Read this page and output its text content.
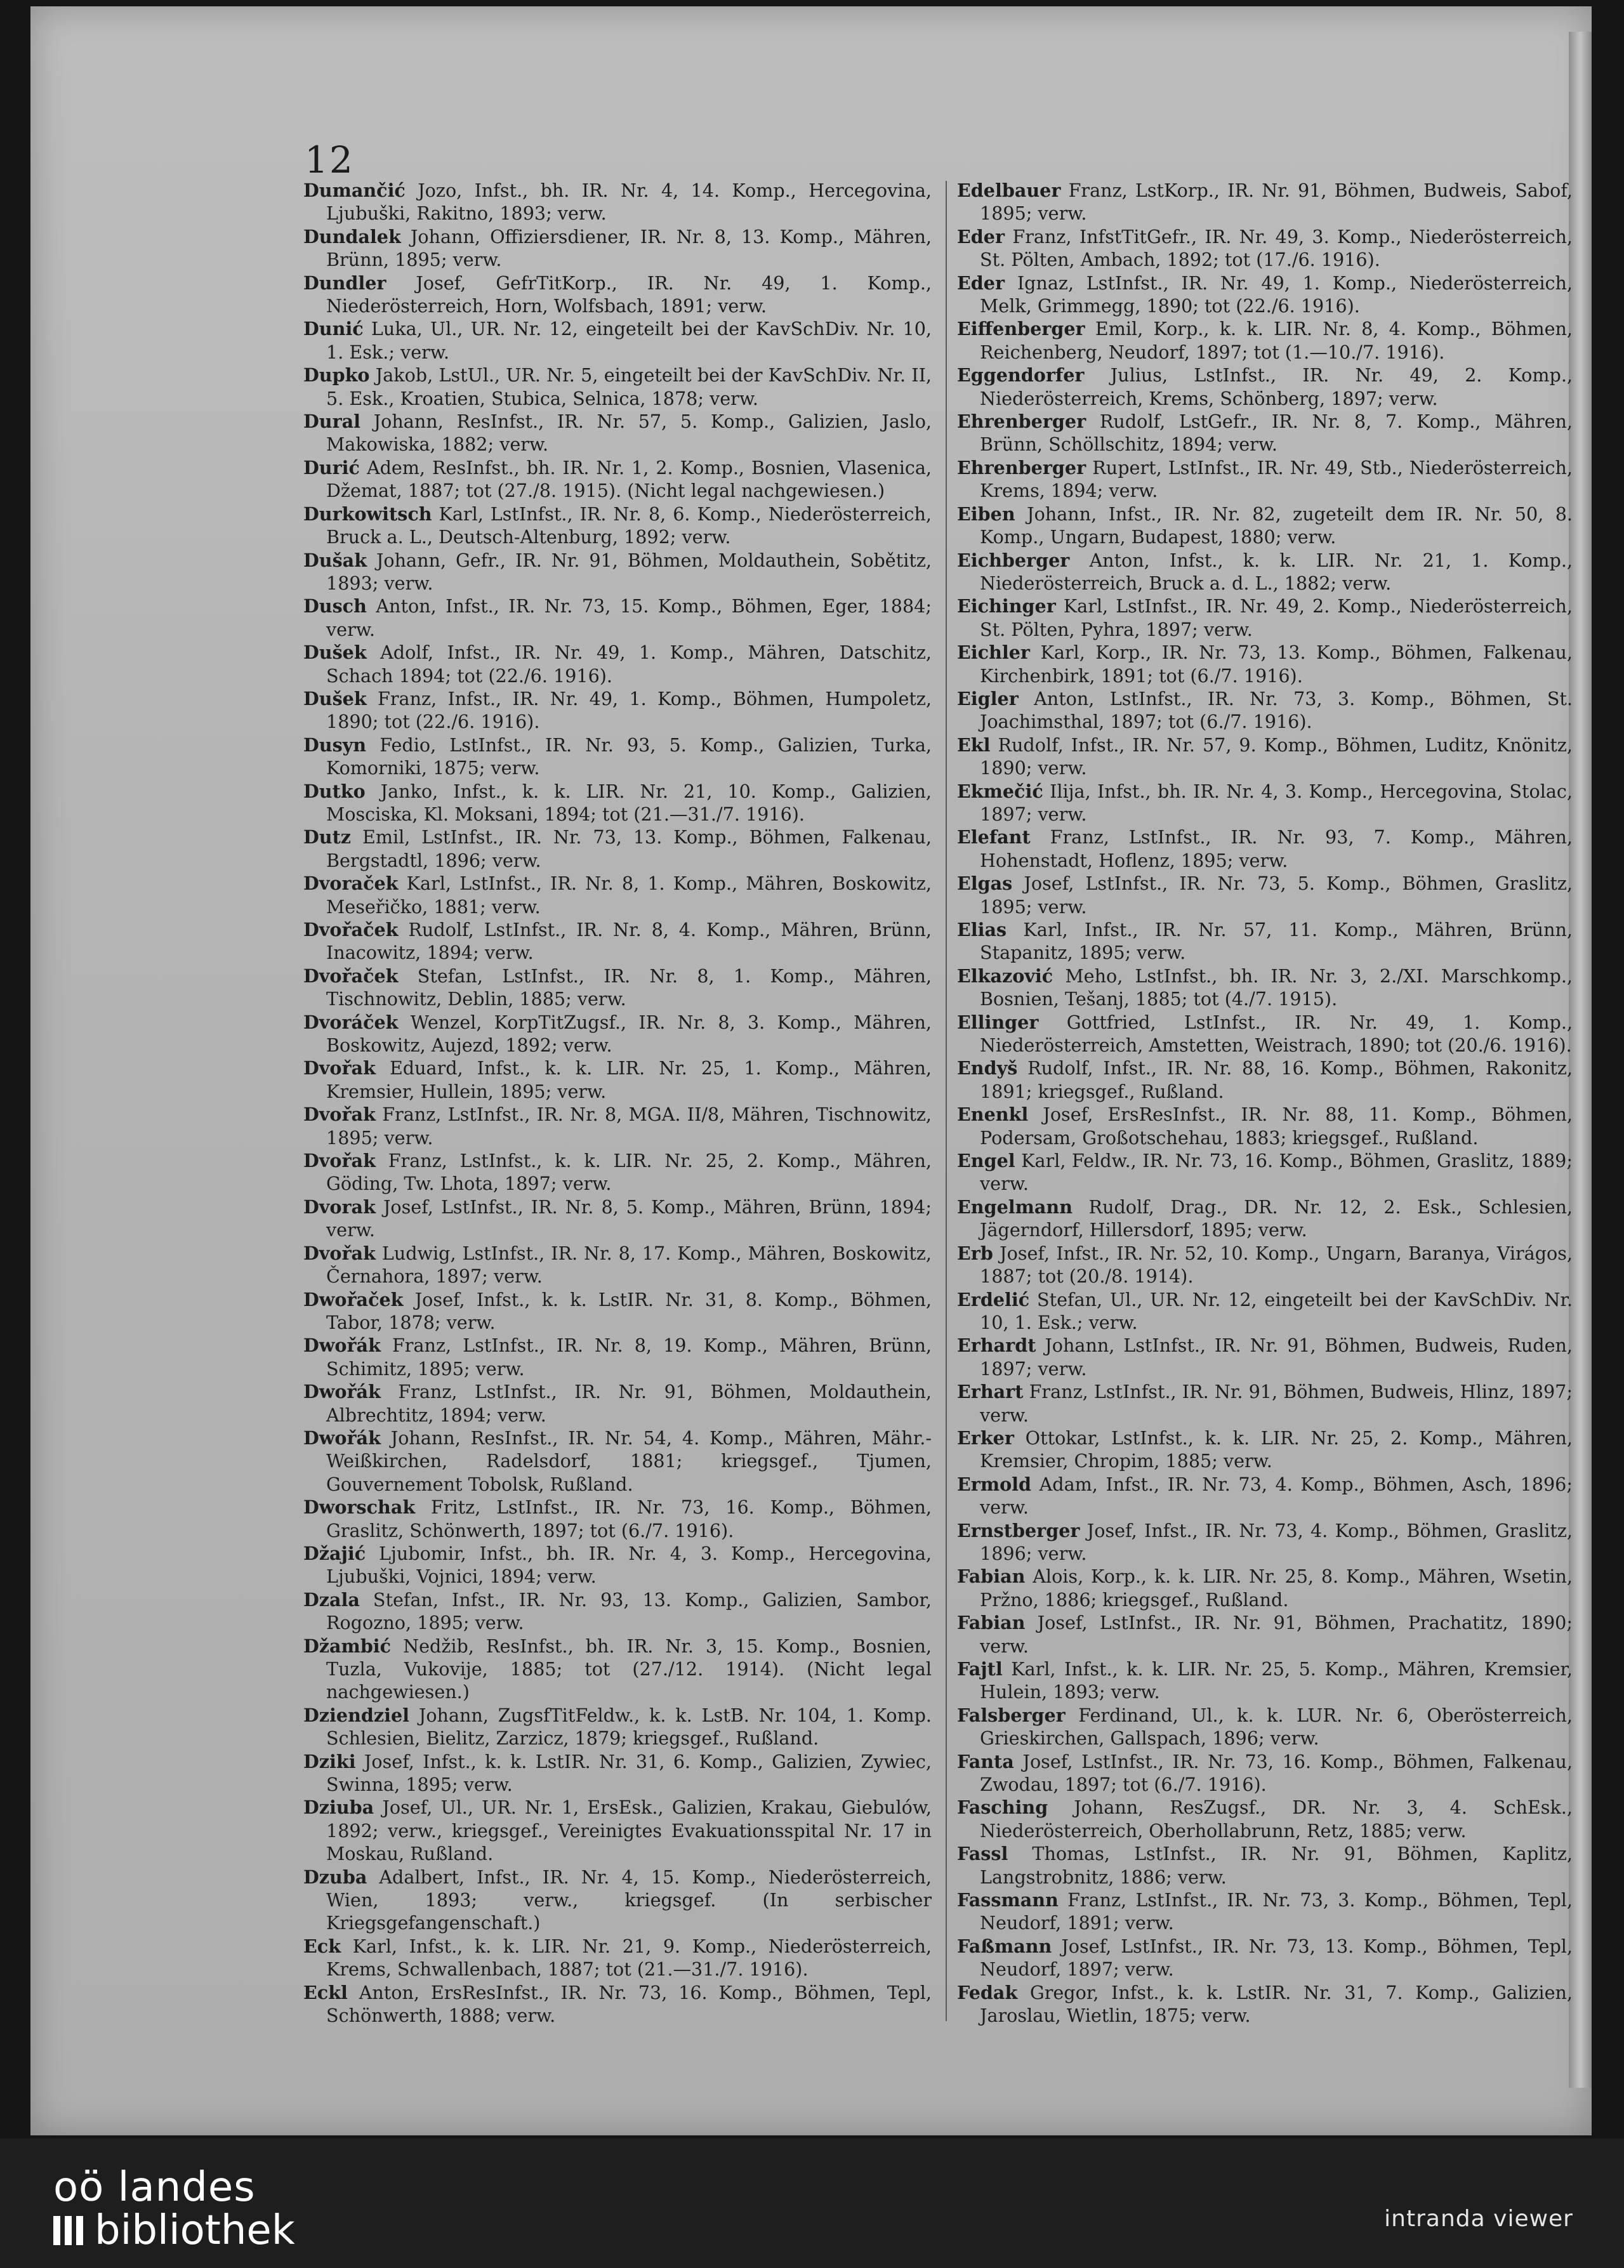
12

Dumančić Jozo, Infst., bh. IR. Nr. 4, 14. Komp., Hercegovina, Ljubuški, Rakitno, 1893; verw.

Dundalek Johann, Offiziersdiener, IR. Nr. 8, 13. Komp., Mähren, Brünn, 1895; verw.

Dundler Josef, GefrTitKorp., IR. Nr. 49, 1. Komp., Niederösterreich, Horn, Wolfsbach, 1891; verw.

Dunić Luka, Ul., UR. Nr. 12, eingeteilt bei der KavSchDiv. Nr. 10, 1. Esk.; verw.

Dupko Jakob, LstUl., UR. Nr. 5, eingeteilt bei der KavSchDiv. Nr. II, 5. Esk., Kroatien, Stubica, Selnica, 1878; verw.

Dural Johann, ResInfst., IR. Nr. 57, 5. Komp., Galizien, Jaslo, Makowiska, 1882; verw.

Durić Adem, ResInfst., bh. IR. Nr. 1, 2. Komp., Bosnien, Vlasenica, Džemat, 1887; tot (27./8. 1915). (Nicht legal nachgewiesen.)

Durkowitsch Karl, LstInfst., IR. Nr. 8, 6. Komp., Niederösterreich, Bruck a. L., Deutsch-Altenburg, 1892; verw.

Dušak Johann, Gefr., IR. Nr. 91, Böhmen, Moldauthein, Sobětitz, 1893; verw.

Dusch Anton, Infst., IR. Nr. 73, 15. Komp., Böhmen, Eger, 1884; verw.

Dušek Adolf, Infst., IR. Nr. 49, 1. Komp., Mähren, Datschitz, Schach 1894; tot (22./6. 1916).

Dušek Franz, Infst., IR. Nr. 49, 1. Komp., Böhmen, Humpoletz, 1890; tot (22./6. 1916).

Dusyn Fedio, LstInfst., IR. Nr. 93, 5. Komp., Galizien, Turka, Komorniki, 1875; verw.

Dutko Janko, Infst., k. k. LIR. Nr. 21, 10. Komp., Galizien, Mosciska, Kl. Moksani, 1894; tot (21.—31./7. 1916).

Dutz Emil, LstInfst., IR. Nr. 73, 13. Komp., Böhmen, Falkenau, Bergstadtl, 1896; verw.

Dvoraček Karl, LstInfst., IR. Nr. 8, 1. Komp., Mähren, Boskowitz, Meseřičko, 1881; verw.

Dvořaček Rudolf, LstInfst., IR. Nr. 8, 4. Komp., Mähren, Brünn, Inacowitz, 1894; verw.

Dvořaček Stefan, LstInfst., IR. Nr. 8, 1. Komp., Mähren, Tischnowitz, Deblin, 1885; verw.

Dvoráček Wenzel, KorpTitZugsf., IR. Nr. 8, 3. Komp., Mähren, Boskowitz, Aujezd, 1892; verw.

Dvořak Eduard, Infst., k. k. LIR. Nr. 25, 1. Komp., Mähren, Kremsier, Hullein, 1895; verw.

Dvořak Franz, LstInfst., IR. Nr. 8, MGA. II/8, Mähren, Tischnowitz, 1895; verw.

Dvořak Franz, LstInfst., k. k. LIR. Nr. 25, 2. Komp., Mähren, Göding, Tw. Lhota, 1897; verw.

Dvorak Josef, LstInfst., IR. Nr. 8, 5. Komp., Mähren, Brünn, 1894; verw.

Dvořak Ludwig, LstInfst., IR. Nr. 8, 17. Komp., Mähren, Boskowitz, Černahora, 1897; verw.

Dwořaček Josef, Infst., k. k. LstIR. Nr. 31, 8. Komp., Böhmen, Tabor, 1878; verw.

Dwořák Franz, LstInfst., IR. Nr. 8, 19. Komp., Mähren, Brünn, Schimitz, 1895; verw.

Dwořák Franz, LstInfst., IR. Nr. 91, Böhmen, Moldauthein, Albrechtitz, 1894; verw.

Dwořák Johann, ResInfst., IR. Nr. 54, 4. Komp., Mähren, Mähr.-Weißkirchen, Radelsdorf, 1881; kriegsgef., Tjumen, Gouvernement Tobolsk, Rußland.

Dworschak Fritz, LstInfst., IR. Nr. 73, 16. Komp., Böhmen, Graslitz, Schönwerth, 1897; tot (6./7. 1916).

Džajić Ljubomir, Infst., bh. IR. Nr. 4, 3. Komp., Hercegovina, Ljubuški, Vojnici, 1894; verw.

Dzala Stefan, Infst., IR. Nr. 93, 13. Komp., Galizien, Sambor, Rogozno, 1895; verw.

Džambić Nedžib, ResInfst., bh. IR. Nr. 3, 15. Komp., Bosnien, Tuzla, Vukovije, 1885; tot (27./12. 1914). (Nicht legal nachgewiesen.)

Dziendziel Johann, ZugsfTitFeldw., k. k. LstB. Nr. 104, 1. Komp. Schlesien, Bielitz, Zarzicz, 1879; kriegsgef., Rußland.

Dziki Josef, Infst., k. k. LstIR. Nr. 31, 6. Komp., Galizien, Zywiec, Swinna, 1895; verw.

Dziuba Josef, Ul., UR. Nr. 1, ErsEsk., Galizien, Krakau, Giebulów, 1892; verw., kriegsgef., Vereinigtes Evakuationsspital Nr. 17 in Moskau, Rußland.

Dzuba Adalbert, Infst., IR. Nr. 4, 15. Komp., Niederösterreich, Wien, 1893; verw., kriegsgef. (In serbischer Kriegsgefangenschaft.)

Eck Karl, Infst., k. k. LIR. Nr. 21, 9. Komp., Niederösterreich, Krems, Schwallenbach, 1887; tot (21.—31./7. 1916).

Eckl Anton, ErsResInfst., IR. Nr. 73, 16. Komp., Böhmen, Tepl, Schönwerth, 1888; verw.

Edelbauer Franz, LstKorp., IR. Nr. 91, Böhmen, Budweis, Sabof, 1895; verw.

Eder Franz, InfstTitGefr., IR. Nr. 49, 3. Komp., Niederösterreich, St. Pölten, Ambach, 1892; tot (17./6. 1916).

Eder Ignaz, LstInfst., IR. Nr. 49, 1. Komp., Niederösterreich, Melk, Grimmegg, 1890; tot (22./6. 1916).

Eiffenberger Emil, Korp., k. k. LIR. Nr. 8, 4. Komp., Böhmen, Reichenberg, Neudorf, 1897; tot (1.—10./7. 1916).

Eggendorfer Julius, LstInfst., IR. Nr. 49, 2. Komp., Niederösterreich, Krems, Schönberg, 1897; verw.

Ehrenberger Rudolf, LstGefr., IR. Nr. 8, 7. Komp., Mähren, Brünn, Schöllschitz, 1894; verw.

Ehrenberger Rupert, LstInfst., IR. Nr. 49, Stb., Niederösterreich, Krems, 1894; verw.

Eiben Johann, Infst., IR. Nr. 82, zugeteilt dem IR. Nr. 50, 8. Komp., Ungarn, Budapest, 1880; verw.

Eichberger Anton, Infst., k. k. LIR. Nr. 21, 1. Komp., Niederösterreich, Bruck a. d. L., 1882; verw.

Eichinger Karl, LstInfst., IR. Nr. 49, 2. Komp., Niederösterreich, St. Pölten, Pyhra, 1897; verw.

Eichler Karl, Korp., IR. Nr. 73, 13. Komp., Böhmen, Falkenau, Kirchenbirk, 1891; tot (6./7. 1916).

Eigler Anton, LstInfst., IR. Nr. 73, 3. Komp., Böhmen, St. Joachimsthal, 1897; tot (6./7. 1916).

Ekl Rudolf, Infst., IR. Nr. 57, 9. Komp., Böhmen, Luditz, Knönitz, 1890; verw.

Ekmečić Ilija, Infst., bh. IR. Nr. 4, 3. Komp., Hercegovina, Stolac, 1897; verw.

Elefant Franz, LstInfst., IR. Nr. 93, 7. Komp., Mähren, Hohenstadt, Hoflenz, 1895; verw.

Elgas Josef, LstInfst., IR. Nr. 73, 5. Komp., Böhmen, Graslitz, 1895; verw.

Elias Karl, Infst., IR. Nr. 57, 11. Komp., Mähren, Brünn, Stapanitz, 1895; verw.

Elkazović Meho, LstInfst., bh. IR. Nr. 3, 2./XI. Marschkomp., Bosnien, Tešanj, 1885; tot (4./7. 1915).

Ellinger Gottfried, LstInfst., IR. Nr. 49, 1. Komp., Niederösterreich, Amstetten, Weistrach, 1890; tot (20./6. 1916).

Endyš Rudolf, Infst., IR. Nr. 88, 16. Komp., Böhmen, Rakonitz, 1891; kriegsgef., Rußland.

Enenkl Josef, ErsResInfst., IR. Nr. 88, 11. Komp., Böhmen, Podersam, Großotschehau, 1883; kriegsgef., Rußland.

Engel Karl, Feldw., IR. Nr. 73, 16. Komp., Böhmen, Graslitz, 1889; verw.

Engelmann Rudolf, Drag., DR. Nr. 12, 2. Esk., Schlesien, Jägerndorf, Hillersdorf, 1895; verw.

Erb Josef, Infst., IR. Nr. 52, 10. Komp., Ungarn, Baranya, Virágos, 1887; tot (20./8. 1914).

Erdelić Stefan, Ul., UR. Nr. 12, eingeteilt bei der KavSchDiv. Nr. 10, 1. Esk.; verw.

Erhardt Johann, LstInfst., IR. Nr. 91, Böhmen, Budweis, Ruden, 1897; verw.

Erhart Franz, LstInfst., IR. Nr. 91, Böhmen, Budweis, Hlinz, 1897; verw.

Erker Ottokar, LstInfst., k. k. LIR. Nr. 25, 2. Komp., Mähren, Kremsier, Chropim, 1885; verw.

Ermold Adam, Infst., IR. Nr. 73, 4. Komp., Böhmen, Asch, 1896; verw.

Ernstberger Josef, Infst., IR. Nr. 73, 4. Komp., Böhmen, Graslitz, 1896; verw.

Fabian Alois, Korp., k. k. LIR. Nr. 25, 8. Komp., Mähren, Wsetin, Pržno, 1886; kriegsgef., Rußland.

Fabian Josef, LstInfst., IR. Nr. 91, Böhmen, Prachatitz, 1890; verw.

Fajtl Karl, Infst., k. k. LIR. Nr. 25, 5. Komp., Mähren, Kremsier, Hulein, 1893; verw.

Falsberger Ferdinand, Ul., k. k. LUR. Nr. 6, Oberösterreich, Grieskirchen, Gallspach, 1896; verw.

Fanta Josef, LstInfst., IR. Nr. 73, 16. Komp., Böhmen, Falkenau, Zwodau, 1897; tot (6./7. 1916).

Fasching Johann, ResZugsf., DR. Nr. 3, 4. SchEsk., Niederösterreich, Oberhollabrunn, Retz, 1885; verw.

Fassl Thomas, LstInfst., IR. Nr. 91, Böhmen, Kaplitz, Langstrobnitz, 1886; verw.

Fassmann Franz, LstInfst., IR. Nr. 73, 3. Komp., Böhmen, Tepl, Neudorf, 1891; verw.

Faßmann Josef, LstInfst., IR. Nr. 73, 13. Komp., Böhmen, Tepl, Neudorf, 1897; verw.

Fedak Gregor, Infst., k. k. LstIR. Nr. 31, 7. Komp., Galizien, Jaroslau, Wietlin, 1875; verw.

oö landes
bibliothek	intranda viewer
